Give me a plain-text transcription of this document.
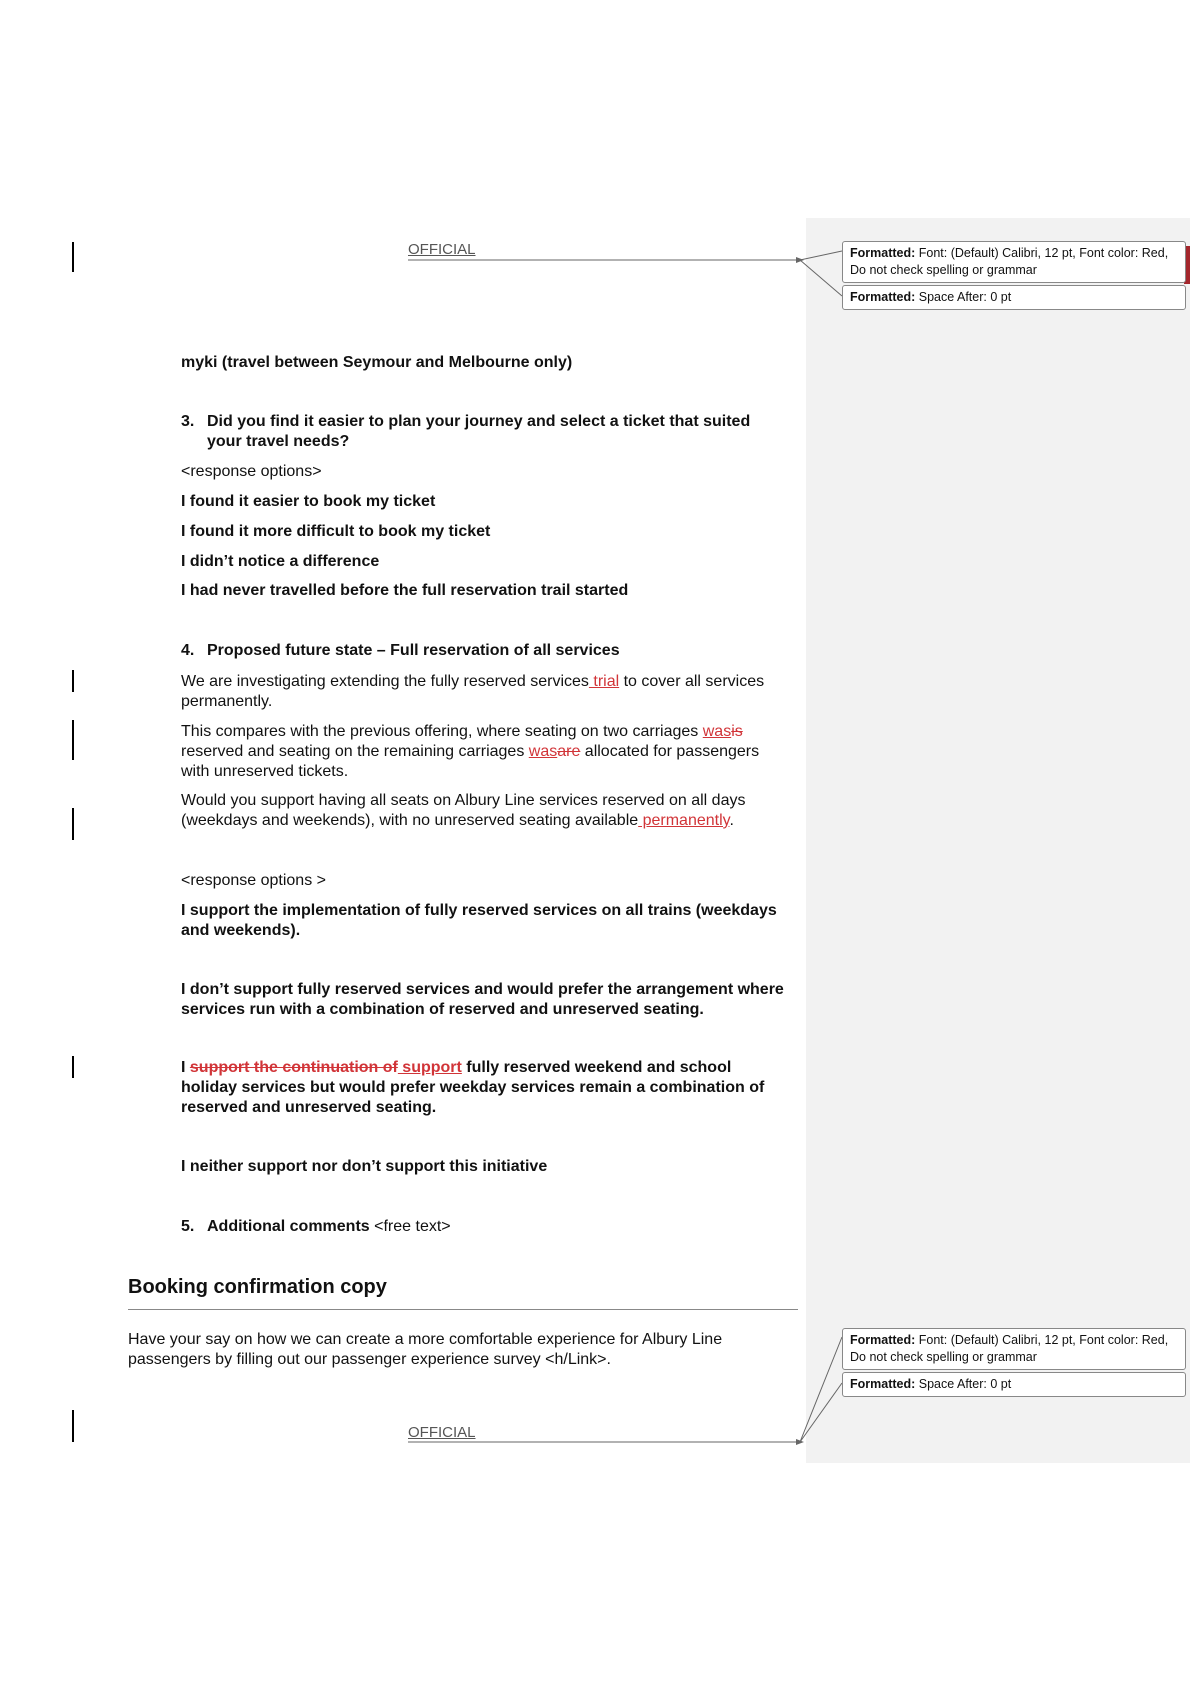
OFFICIAL	Formatted: Font: (Default) Calibri, 12 pt, Font color: Red, Do not check spelling or grammar
Formatted: Space After: 0 pt
myki (travel between Seymour and Melbourne only)
3. Did you find it easier to plan your journey and select a ticket that suited
your travel needs?
<response options>
I found it easier to book my ticket
I found it more difficult to book my ticket
I didn’t notice a difference
I had never travelled before the full reservation trail started
4. Proposed future state – Full reservation of all services
We are investigating extending the fully reserved services trial to cover all services
permanently.
This compares with the previous offering, where seating on two carriages wasis
reserved and seating on the remaining carriages wasare allocated for passengers
with unreserved tickets.
Would you support having all seats on Albury Line services reserved on all days
(weekdays and weekends), with no unreserved seating available permanently.
<response options >
I support the implementation of fully reserved services on all trains (weekdays
and weekends).
I don’t support fully reserved services and would prefer the arrangement where
services run with a combination of reserved and unreserved seating.
I support the continuation of support fully reserved weekend and school
holiday services but would prefer weekday services remain a combination of
reserved and unreserved seating.
I neither support nor don’t support this initiative
5. Additional comments <free text>
Booking confirmation copy
Have your say on how we can create a more comfortable experience for Albury Line
passengers by filling out our passenger experience survey <h/Link>.
Formatted: Font: (Default) Calibri, 12 pt, Font color: Red, Do not check spelling or grammar
Formatted: Space After: 0 pt
OFFICIAL
